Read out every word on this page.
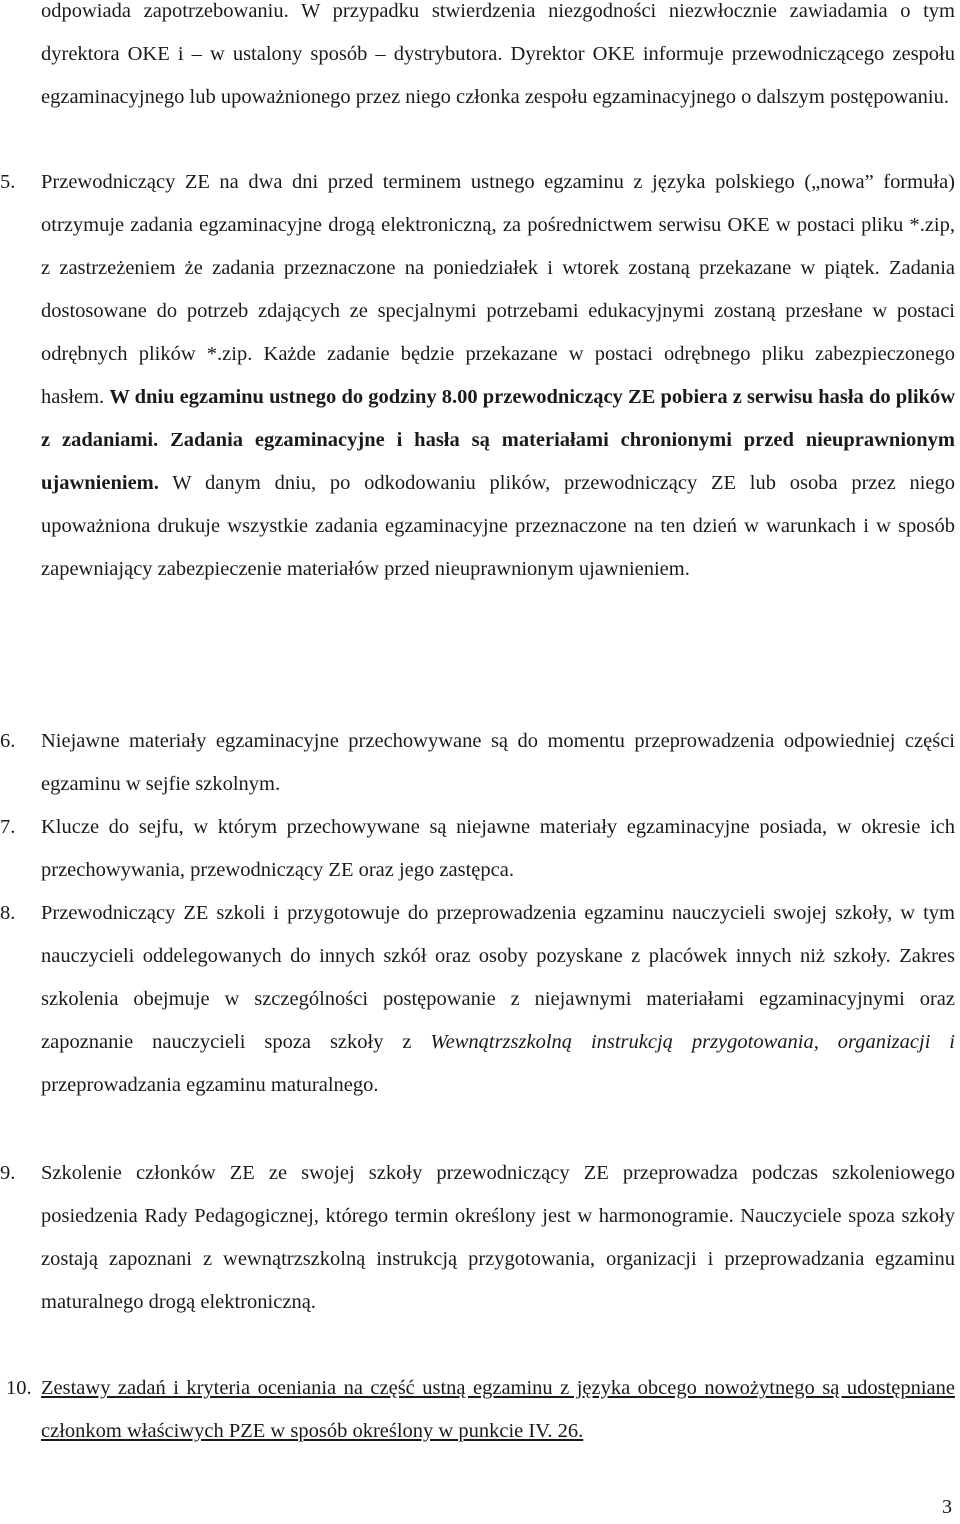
odpowiada zapotrzebowaniu. W przypadku stwierdzenia niezgodności niezwłocznie zawiadamia o tym dyrektora OKE i – w ustalony sposób – dystrybutora. Dyrektor OKE informuje przewodniczącego zespołu egzaminacyjnego lub upoważnionego przez niego członka zespołu egzaminacyjnego o dalszym postępowaniu.

5.	Przewodniczący ZE na dwa dni przed terminem ustnego egzaminu z języka polskiego („nowa” formuła) otrzymuje zadania egzaminacyjne drogą elektroniczną, za pośrednictwem serwisu OKE w postaci pliku *.zip, z zastrzeżeniem że zadania przeznaczone na poniedziałek i wtorek zostaną przekazane w piątek. Zadania dostosowane do potrzeb zdających ze specjalnymi potrzebami edukacyjnymi zostaną przesłane w postaci odrębnych plików *.zip. Każde zadanie będzie przekazane w postaci odrębnego pliku zabezpieczonego hasłem. W dniu egzaminu ustnego do godziny 8.00 przewodniczący ZE pobiera z serwisu hasła do plików z zadaniami. Zadania egzaminacyjne i hasła są materiałami chronionymi przed nieuprawnionym ujawnieniem. W danym dniu, po odkodowaniu plików, przewodniczący ZE lub osoba przez niego upoważniona drukuje wszystkie zadania egzaminacyjne przeznaczone na ten dzień w warunkach i w sposób zapewniający zabezpieczenie materiałów przed nieuprawnionym ujawnieniem.

6.	Niejawne materiały egzaminacyjne przechowywane są do momentu przeprowadzenia odpowiedniej części egzaminu w sejfie szkolnym.

7.	Klucze do sejfu, w którym przechowywane są niejawne materiały egzaminacyjne posiada, w okresie ich przechowywania, przewodniczący ZE oraz jego zastępca.

8.	Przewodniczący ZE szkoli i przygotowuje do przeprowadzenia egzaminu nauczycieli swojej szkoły, w tym nauczycieli oddelegowanych do innych szkół oraz osoby pozyskane z placówek innych niż szkoły. Zakres szkolenia obejmuje w szczególności postępowanie z niejawnymi materiałami egzaminacyjnymi oraz zapoznanie nauczycieli spoza szkoły z Wewnątrzszkolną instrukcją przygotowania, organizacji i przeprowadzania egzaminu maturalnego.

9.	Szkolenie członków ZE ze swojej szkoły przewodniczący ZE przeprowadza podczas szkoleniowego posiedzenia Rady Pedagogicznej, którego termin określony jest w harmonogramie. Nauczyciele spoza szkoły zostają zapoznani z wewnątrzszkolną instrukcją przygotowania, organizacji i przeprowadzania egzaminu maturalnego drogą elektroniczną.

10. Zestawy zadań i kryteria oceniania na część ustną egzaminu z języka obcego nowożytnego są udostępniane członkom właściwych PZE w sposób określony w punkcie IV. 26.

3
